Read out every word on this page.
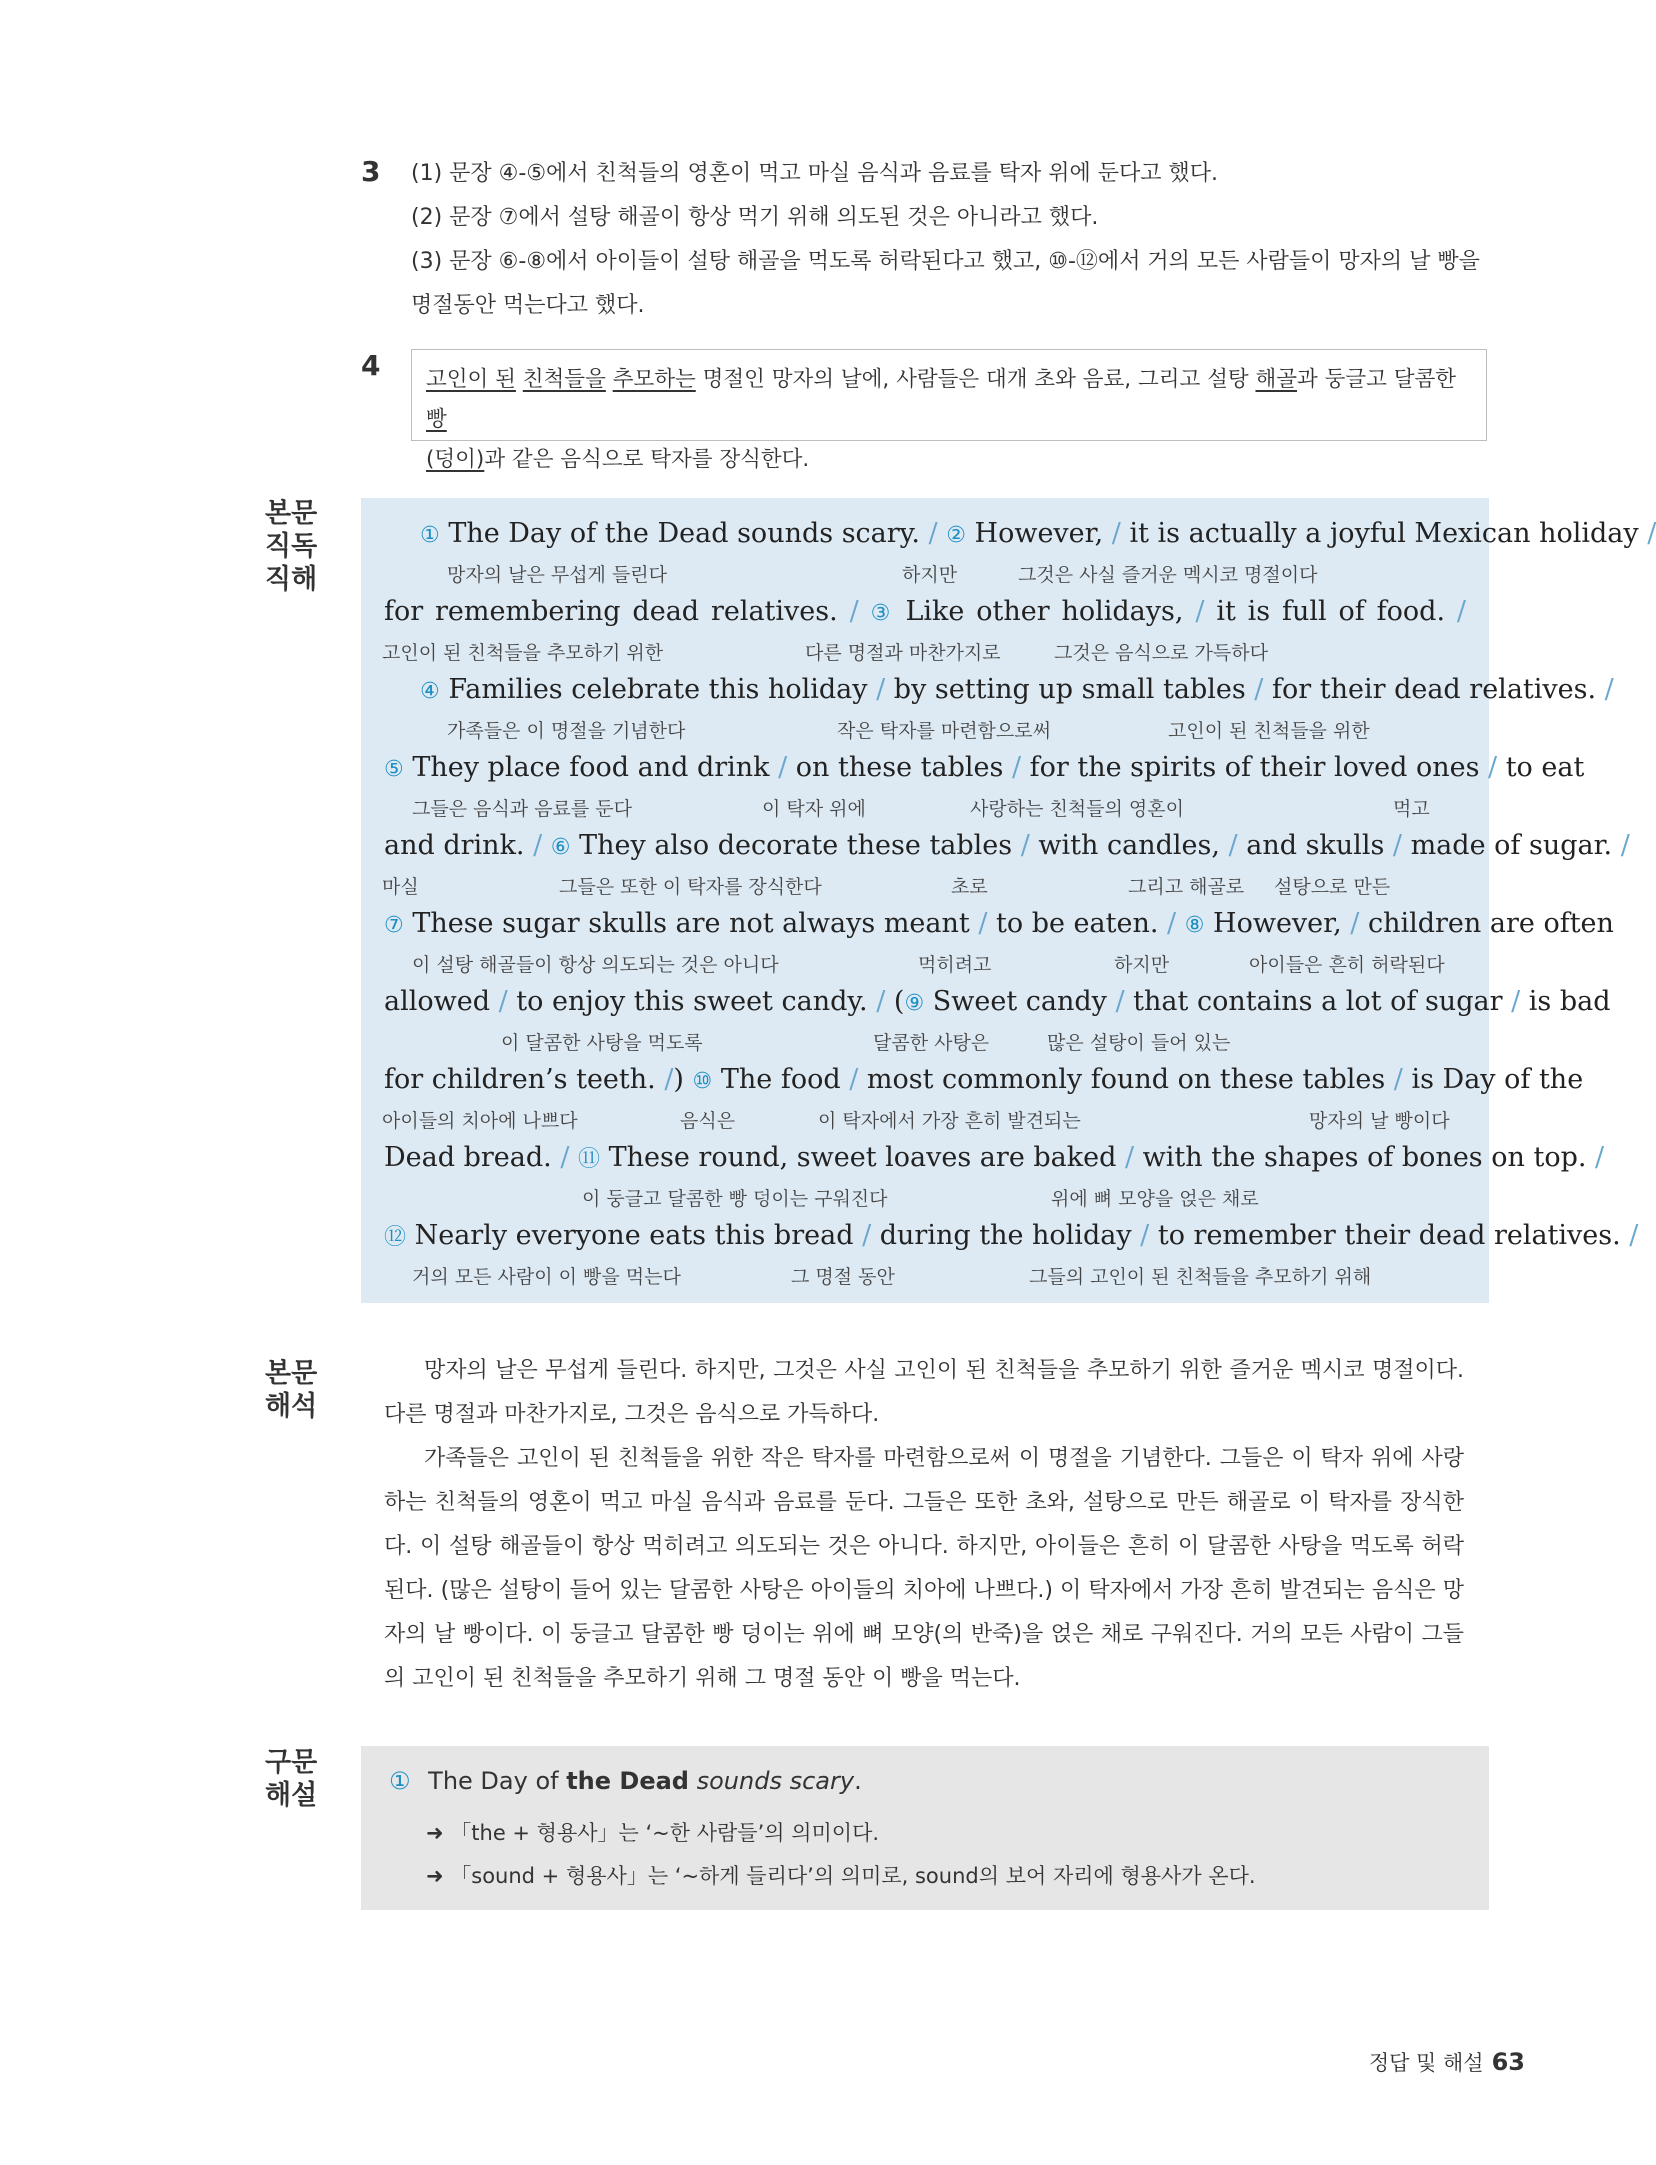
3 (1) 문장 ④-⑤에서 친척들의 영혼이 먹고 마실 음식과 음료를 탁자 위에 둔다고 했다.
(2) 문장 ⑦에서 설탕 해골이 항상 먹기 위해 의도된 것은 아니라고 했다.
(3) 문장 ⑥-⑧에서 아이들이 설탕 해골을 먹도록 허락된다고 했고, ⑩-⑫에서 거의 모든 사람들이 망자의 날 빵을
명절동안 먹는다고 했다.
4	고인이 된 친척들을 추모하는 명절인 망자의 날에, 사람들은 대개 초와 음료, 그리고 설탕 해골과 둥글고 달콤한 빵
(덩이)과 같은 음식으로 탁자를 장식한다.
본문
직독
직해
① The Day of the Dead sounds scary. / ② However, / it is actually a joyful Mexican holiday /
망자의 날은 무섭게 들린다	하지만	그것은 사실 즐거운 멕시코 명절이다
for remembering dead relatives. / ③ Like other holidays, / it is full of food. /
고인이 된 친척들을 추모하기 위한	다른 명절과 마찬가지로	그것은 음식으로 가득하다
④ Families celebrate this holiday / by setting up small tables / for their dead relatives. /
가족들은 이 명절을 기념한다	작은 탁자를 마련함으로써	고인이 된 친척들을 위한
⑤ They place food and drink / on these tables / for the spirits of their loved ones / to eat
그들은 음식과 음료를 둔다	이 탁자 위에	사랑하는 친척들의 영혼이	먹고
and drink. / ⑥ They also decorate these tables / with candles, / and skulls / made of sugar. /
마실	그들은 또한 이 탁자를 장식한다	초로	그리고 해골로 설탕으로 만든
⑦ These sugar skulls are not always meant / to be eaten. / ⑧ However, / children are often
이 설탕 해골들이 항상 의도되는 것은 아니다	먹히려고	하지만	아이들은 흔히 허락된다
allowed / to enjoy this sweet candy. / (⑨ Sweet candy / that contains a lot of sugar / is bad
이 달콤한 사탕을 먹도록	달콤한 사탕은	많은 설탕이 들어 있는
for children’s teeth. /) ⑩ The food / most commonly found on these tables / is Day of the
아이들의 치아에 나쁘다	음식은	이 탁자에서 가장 흔히 발견되는	망자의 날 빵이다
Dead bread. / ⑪ These round, sweet loaves are baked / with the shapes of bones on top. /
이 둥글고 달콤한 빵 덩이는 구워진다	위에 뼈 모양을 얹은 채로
⑫ Nearly everyone eats this bread / during the holiday / to remember their dead relatives. /
거의 모든 사람이 이 빵을 먹는다	그 명절 동안	그들의 고인이 된 친척들을 추모하기 위해
본문
해석

망자의 날은 무섭게 들린다. 하지만, 그것은 사실 고인이 된 친척들을 추모하기 위한 즐거운 멕시코 명절이다. 다른 명절과 마찬가지로, 그것은 음식으로 가득하다.

가족들은 고인이 된 친척들을 위한 작은 탁자를 마련함으로써 이 명절을 기념한다. 그들은 이 탁자 위에 사랑하는 친척들의 영혼이 먹고 마실 음식과 음료를 둔다. 그들은 또한 초와, 설탕으로 만든 해골로 이 탁자를 장식한다. 이 설탕 해골들이 항상 먹히려고 의도되는 것은 아니다. 하지만, 아이들은 흔히 이 달콤한 사탕을 먹도록 허락된다. (많은 설탕이 들어 있는 달콤한 사탕은 아이들의 치아에 나쁘다.) 이 탁자에서 가장 흔히 발견되는 음식은 망자의 날 빵이다. 이 둥글고 달콤한 빵 덩이는 위에 뼈 모양(의 반죽)을 얹은 채로 구워진다. 거의 모든 사람이 그들의 고인이 된 친척들을 추모하기 위해 그 명절 동안 이 빵을 먹는다.

구문
해설	① The Day of the Dead sounds scary.
➜ 「the + 형용사」는 ‘~한 사람들’의 의미이다.
➜ 「sound + 형용사」는 ‘~하게 들리다’의 의미로, sound의 보어 자리에 형용사가 온다.
정답 및 해설 63
